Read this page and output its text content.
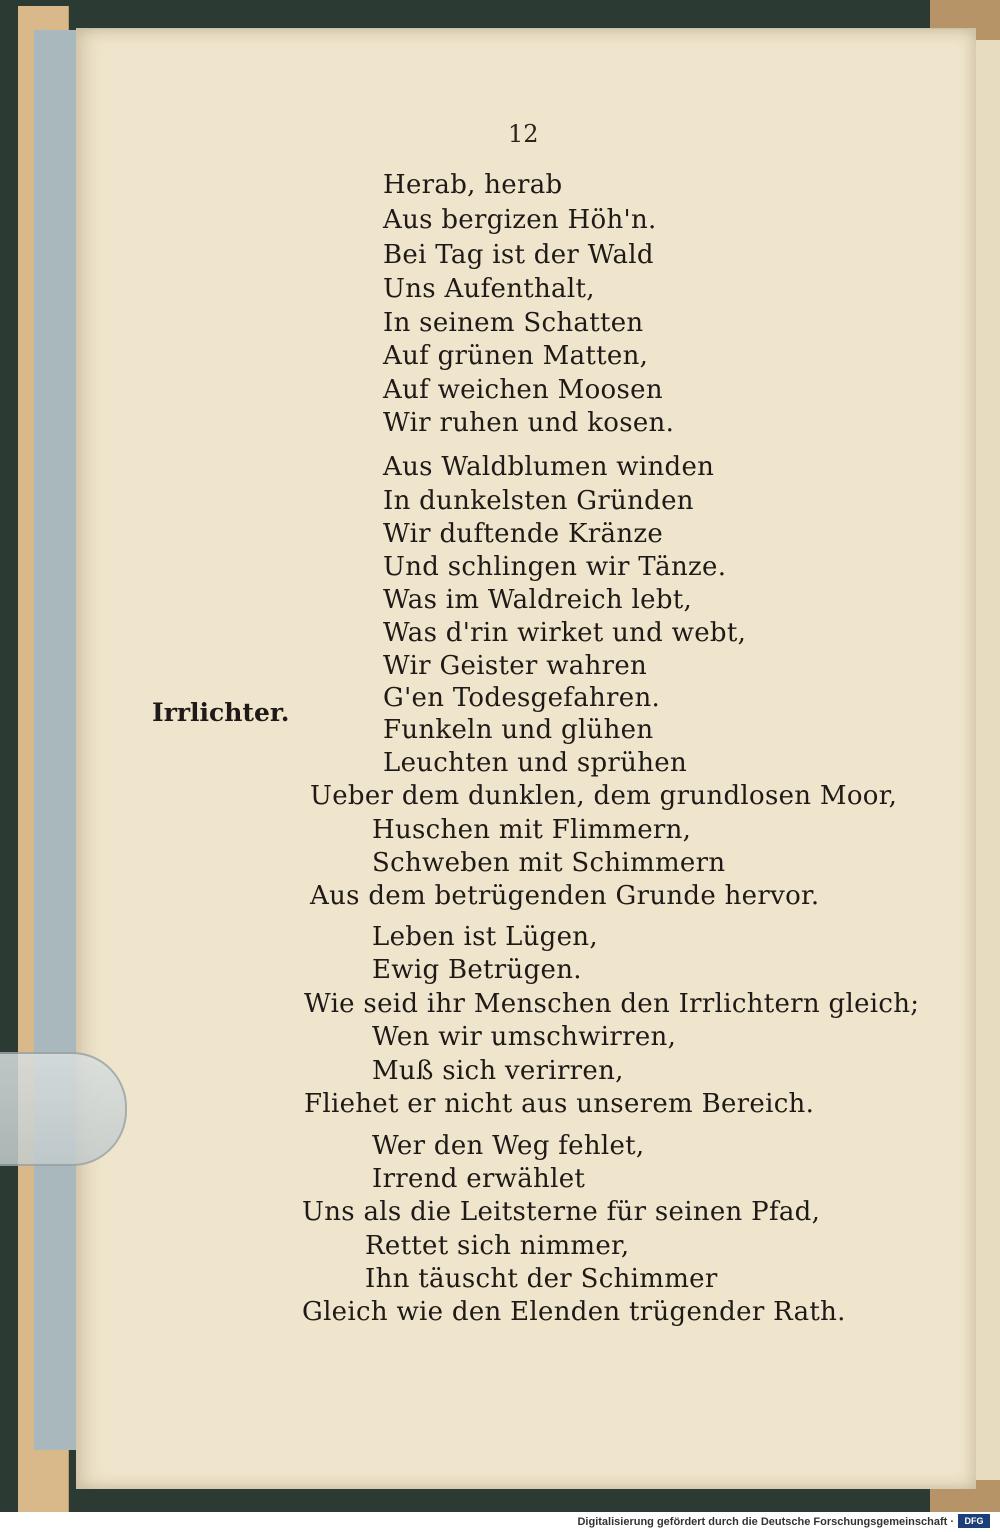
12
Irrlichter.
Herab, herab
Aus bergizen Höh'n.
Bei Tag ist der Wald
Uns Aufenthalt,
In seinem Schatten
Auf grünen Matten,
Auf weichen Moosen
Wir ruhen und kosen.
Aus Waldblumen winden
In dunkelsten Gründen
Wir duftende Kränze
Und schlingen wir Tänze.
Was im Waldreich lebt,
Was d'rin wirket und webt,
Wir Geister wahren
G'en Todesgefahren.
Funkeln und glühen
Leuchten und sprühen
Ueber dem dunklen, dem grundlosen Moor,
Huschen mit Flimmern,
Schweben mit Schimmern
Aus dem betrügenden Grunde hervor.
Leben ist Lügen,
Ewig Betrügen.
Wie seid ihr Menschen den Irrlichtern gleich;
Wen wir umschwirren,
Muß sich verirren,
Fliehet er nicht aus unserem Bereich.
Wer den Weg fehlet,
Irrend erwählet
Uns als die Leitsterne für seinen Pfad,
Rettet sich nimmer,
Ihn täuscht der Schimmer
Gleich wie den Elenden trügender Rath.
Digitalisierung gefördert durch die Deutsche Forschungsgemeinschaft ·	DFG
